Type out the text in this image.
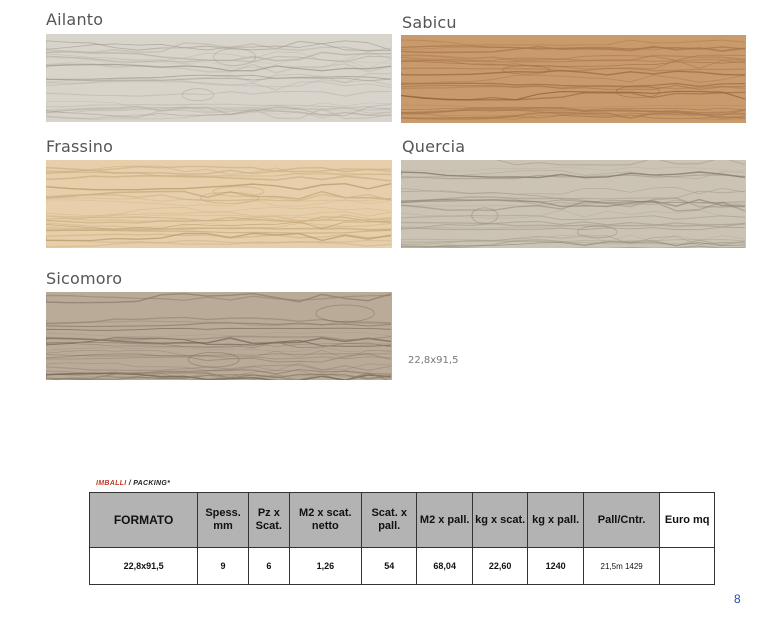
Ailanto	Sabicu
Frassino	Quercia
Sicomoro
22,8x91,5
IMBALLI / PACKING*
FORMATO	Spess. mm	Pz x Scat.	M2 x scat. netto	Scat. x pall.	M2 x pall.	kg x scat.	kg x pall.	Pall/Cntr.	Euro mq
22,8x91,5	9	6	1,26	54	68,04	22,60	1240	21,5m 1429	
8
